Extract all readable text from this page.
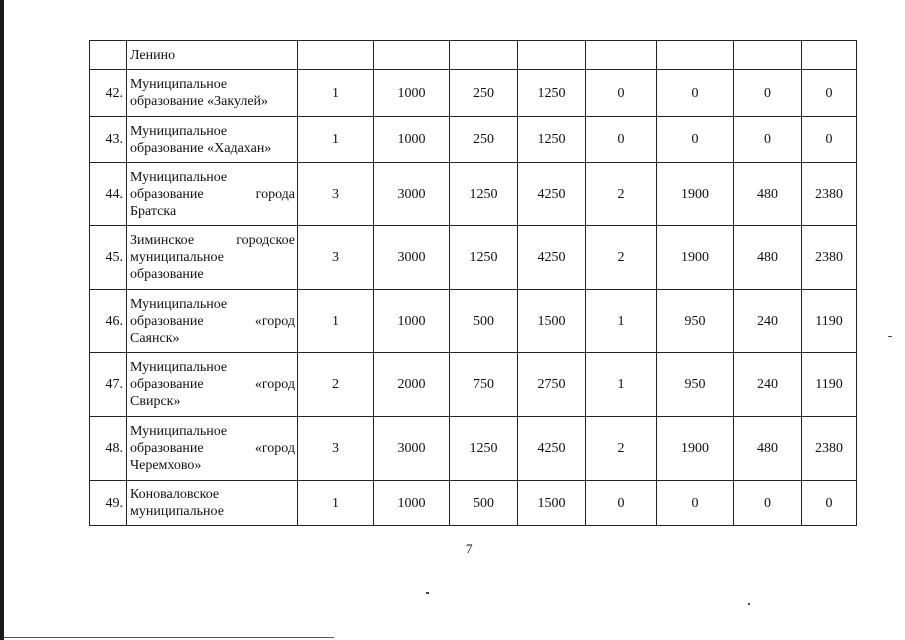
	Ленино								

42.	Муниципальное
образование «Закулей»	1	1000	250	1250	0	0	0	0
43.	Муниципальное
образование «Хадахан»	1	1000	250	1250	0	0	0	0
44.	Муниципальное
образование города
Братска	3	3000	1250	4250	2	1900	480	2380
45.	Зиминское городское
муниципальное
образование	3	3000	1250	4250	2	1900	480	2380
46.	Муниципальное
образование «город
Саянск»	1	1000	500	1500	1	950	240	1190
47.	Муниципальное
образование «город
Свирск»	2	2000	750	2750	1	950	240	1190
48.	Муниципальное
образование «город
Черемхово»	3	3000	1250	4250	2	1900	480	2380
49.	Коноваловское
муниципальное	1	1000	500	1500	0	0	0	0
7
